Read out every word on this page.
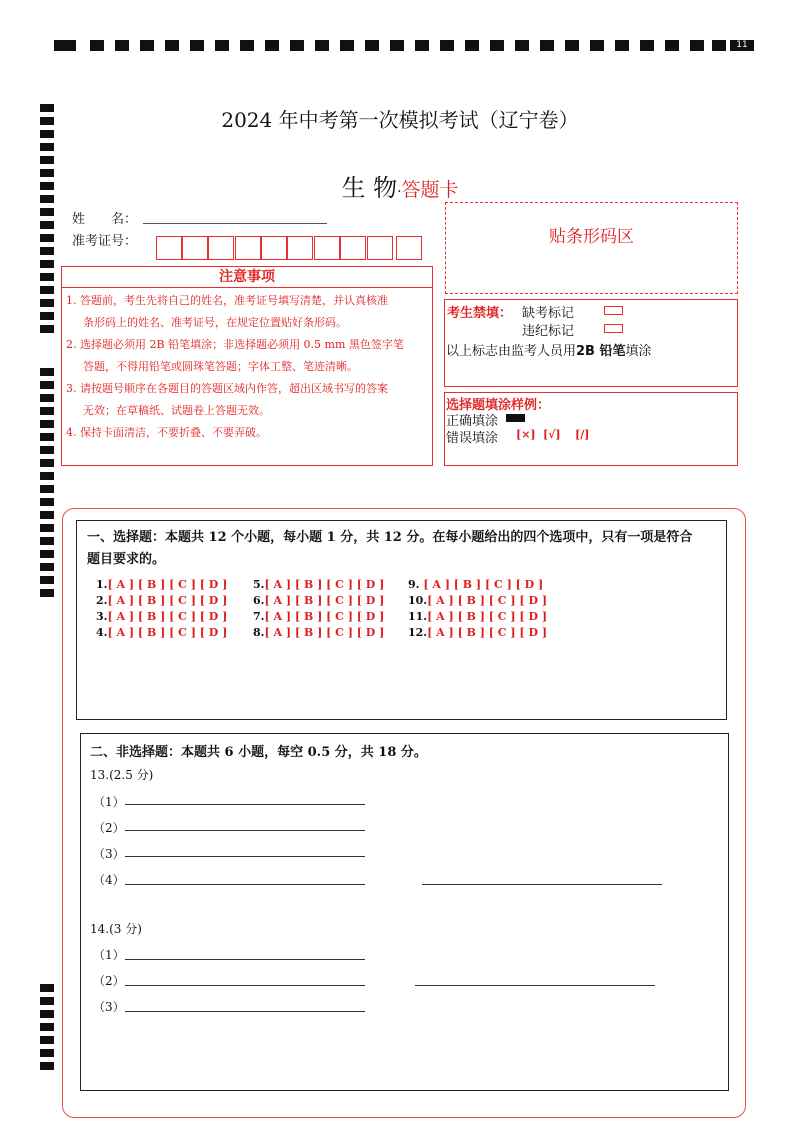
11
2024 年中考第一次模拟考试（辽宁卷）
生 物·答题卡
姓　　名：
准考证号：
注意事项
1. 答题前，考生先将自己的姓名，准考证号填写清楚，并认真核准
条形码上的姓名、准考证号，在规定位置贴好条形码。
2. 选择题必须用 2B 铅笔填涂；非选择题必须用 0.5 mm 黑色签字笔
答题，不得用铅笔或圆珠笔答题；字体工整、笔迹清晰。
3. 请按题号顺序在各题目的答题区域内作答，超出区域书写的答案
无效；在草稿纸、试题卷上答题无效。
4. 保持卡面清洁，不要折叠、不要弄破。
贴条形码区
考生禁填： 缺考标记
违纪标记
以上标志由监考人员用2B 铅笔填涂
选择题填涂样例：
正确填涂
错误填涂 [×] [√] [/]
一、选择题：本题共 12 个小题，每小题 1 分，共 12 分。在每小题给出的四个选项中，只有一项是符合
题目要求的。
1.[ A ] [ B ] [ C ] [ D ]
2.[ A ] [ B ] [ C ] [ D ]
3.[ A ] [ B ] [ C ] [ D ]
4.[ A ] [ B ] [ C ] [ D ]
5.[ A ] [ B ] [ C ] [ D ]
6.[ A ] [ B ] [ C ] [ D ]
7.[ A ] [ B ] [ C ] [ D ]
8.[ A ] [ B ] [ C ] [ D ]
9. [ A ] [ B ] [ C ] [ D ]
10.[ A ] [ B ] [ C ] [ D ]
11.[ A ] [ B ] [ C ] [ D ]
12.[ A ] [ B ] [ C ] [ D ]
二、非选择题：本题共 6 小题，每空 0.5 分，共 18 分。
13.(2.5 分)
（1）
（2）
（3）
（4）
14.(3 分)
（1）
（2）
（3）
